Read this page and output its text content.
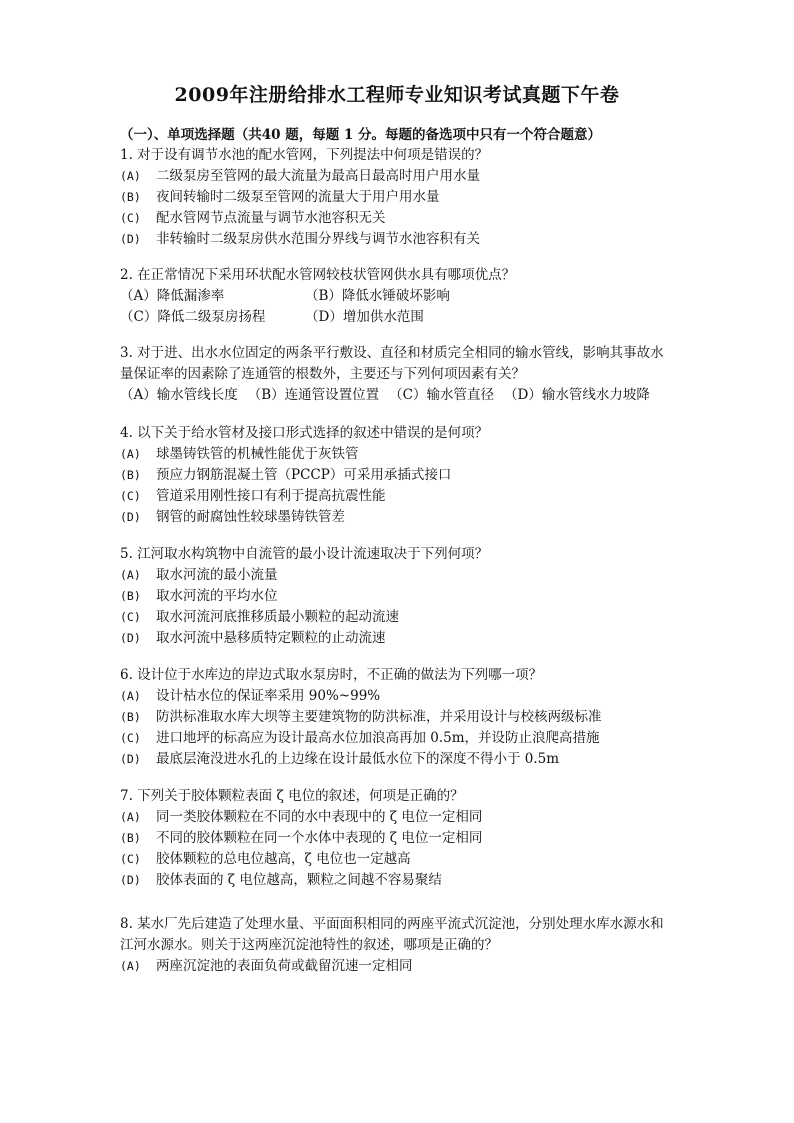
2009年注册给排水工程师专业知识考试真题下午卷
（一）、单项选择题（共40 题，每题 1 分。每题的备选项中只有一个符合题意）
1. 对于设有调节水池的配水管网，下列提法中何项是错误的？
(A)	二级泵房至管网的最大流量为最高日最高时用户用水量
(B)	夜间转输时二级泵至管网的流量大于用户用水量
(C)	配水管网节点流量与调节水池容积无关
(D)	非转输时二级泵房供水范围分界线与调节水池容积有关
2. 在正常情况下采用环状配水管网较枝状管网供水具有哪项优点？
（A）降低漏渗率	（B）降低水锤破坏影响
（C）降低二级泵房扬程	（D）增加供水范围
3. 对于进、出水水位固定的两条平行敷设、直径和材质完全相同的输水管线，影响其事故水量保证率的因素除了连通管的根数外，主要还与下列何项因素有关？
（A）输水管线长度 （B）连通管设置位置 （C）输水管直径 （D）输水管线水力坡降
4. 以下关于给水管材及接口形式选择的叙述中错误的是何项？
(A)	球墨铸铁管的机械性能优于灰铁管
(B)	预应力钢筋混凝土管（PCCP）可采用承插式接口
(C)	管道采用刚性接口有利于提高抗震性能
(D)	钢管的耐腐蚀性较球墨铸铁管差
5. 江河取水构筑物中自流管的最小设计流速取决于下列何项？
(A)	取水河流的最小流量
(B)	取水河流的平均水位
(C)	取水河流河底推移质最小颗粒的起动流速
(D)	取水河流中悬移质特定颗粒的止动流速
6. 设计位于水库边的岸边式取水泵房时，不正确的做法为下列哪一项？
(A)	设计枯水位的保证率采用 90%~99%
(B)	防洪标准取水库大坝等主要建筑物的防洪标准，并采用设计与校核两级标准
(C)	进口地坪的标高应为设计最高水位加浪高再加 0.5m，并设防止浪爬高措施
(D)	最底层淹没进水孔的上边缘在设计最低水位下的深度不得小于 0.5m
7. 下列关于胶体颗粒表面 ζ 电位的叙述，何项是正确的？
(A)	同一类胶体颗粒在不同的水中表现中的 ζ 电位一定相同
(B)	不同的胶体颗粒在同一个水体中表现的 ζ 电位一定相同
(C)	胶体颗粒的总电位越高，ζ 电位也一定越高
(D)	胶体表面的 ζ 电位越高，颗粒之间越不容易聚结
8. 某水厂先后建造了处理水量、平面面积相同的两座平流式沉淀池，分别处理水库水源水和江河水源水。则关于这两座沉淀池特性的叙述，哪项是正确的？
(A)	两座沉淀池的表面负荷或截留沉速一定相同
